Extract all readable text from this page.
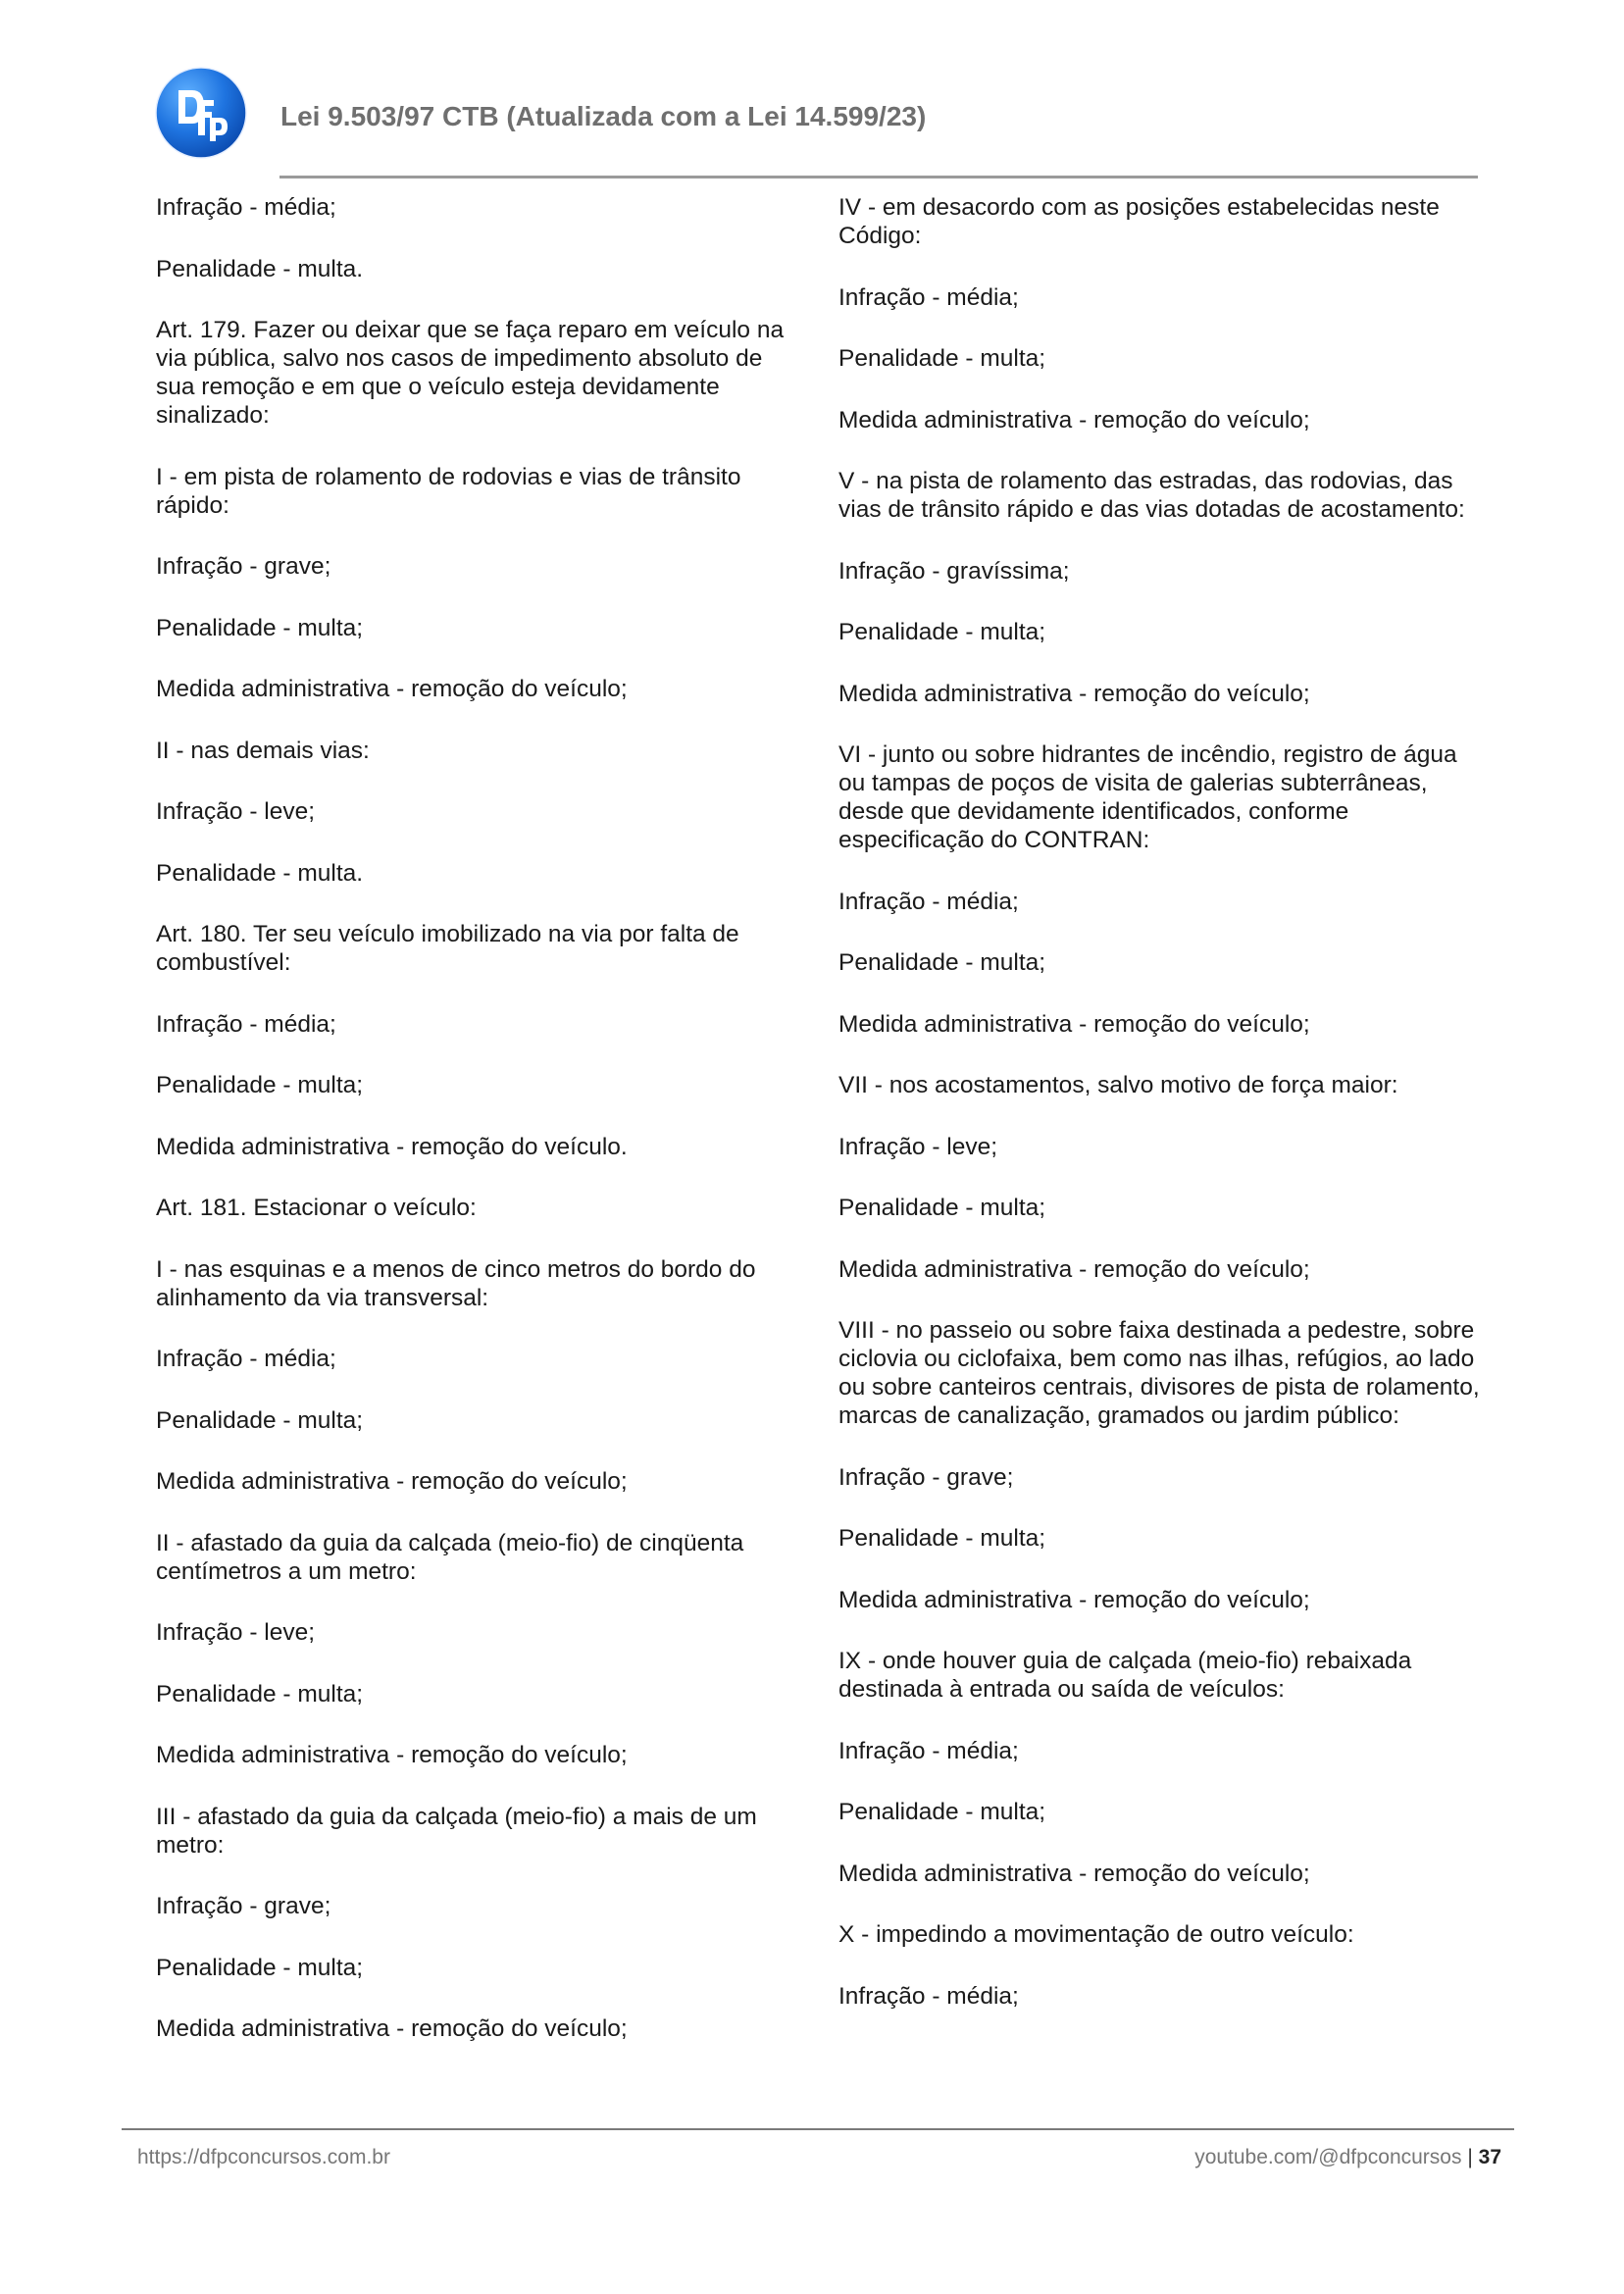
Lei 9.503/97 CTB (Atualizada com a Lei 14.599/23)

Infração - média;

Penalidade - multa.

Art. 179. Fazer ou deixar que se faça reparo em veículo na via pública, salvo nos casos de impedimento absoluto de sua remoção e em que o veículo esteja devidamente sinalizado:

I - em pista de rolamento de rodovias e vias de trânsito rápido:

Infração - grave;

Penalidade - multa;

Medida administrativa - remoção do veículo;

II - nas demais vias:

Infração - leve;

Penalidade - multa.

Art. 180. Ter seu veículo imobilizado na via por falta de combustível:

Infração - média;

Penalidade - multa;

Medida administrativa - remoção do veículo.

Art. 181. Estacionar o veículo:

I - nas esquinas e a menos de cinco metros do bordo do alinhamento da via transversal:

Infração - média;

Penalidade - multa;

Medida administrativa - remoção do veículo;

II - afastado da guia da calçada (meio-fio) de cinqüenta centímetros a um metro:

Infração - leve;

Penalidade - multa;

Medida administrativa - remoção do veículo;

III - afastado da guia da calçada (meio-fio) a mais de um metro:

Infração - grave;

Penalidade - multa;

Medida administrativa - remoção do veículo;

IV - em desacordo com as posições estabelecidas neste Código:

Infração - média;

Penalidade - multa;

Medida administrativa - remoção do veículo;

V - na pista de rolamento das estradas, das rodovias, das vias de trânsito rápido e das vias dotadas de acostamento:

Infração - gravíssima;

Penalidade - multa;

Medida administrativa - remoção do veículo;

VI - junto ou sobre hidrantes de incêndio, registro de água ou tampas de poços de visita de galerias subterrâneas, desde que devidamente identificados, conforme especificação do CONTRAN:

Infração - média;

Penalidade - multa;

Medida administrativa - remoção do veículo;

VII - nos acostamentos, salvo motivo de força maior:

Infração - leve;

Penalidade - multa;

Medida administrativa - remoção do veículo;

VIII - no passeio ou sobre faixa destinada a pedestre, sobre ciclovia ou ciclofaixa, bem como nas ilhas, refúgios, ao lado ou sobre canteiros centrais, divisores de pista de rolamento, marcas de canalização, gramados ou jardim público:

Infração - grave;

Penalidade - multa;

Medida administrativa - remoção do veículo;

IX - onde houver guia de calçada (meio-fio) rebaixada destinada à entrada ou saída de veículos:

Infração - média;

Penalidade - multa;

Medida administrativa - remoção do veículo;

X - impedindo a movimentação de outro veículo:

Infração - média;

https://dfpconcursos.com.br	youtube.com/@dfpconcursos | 37
